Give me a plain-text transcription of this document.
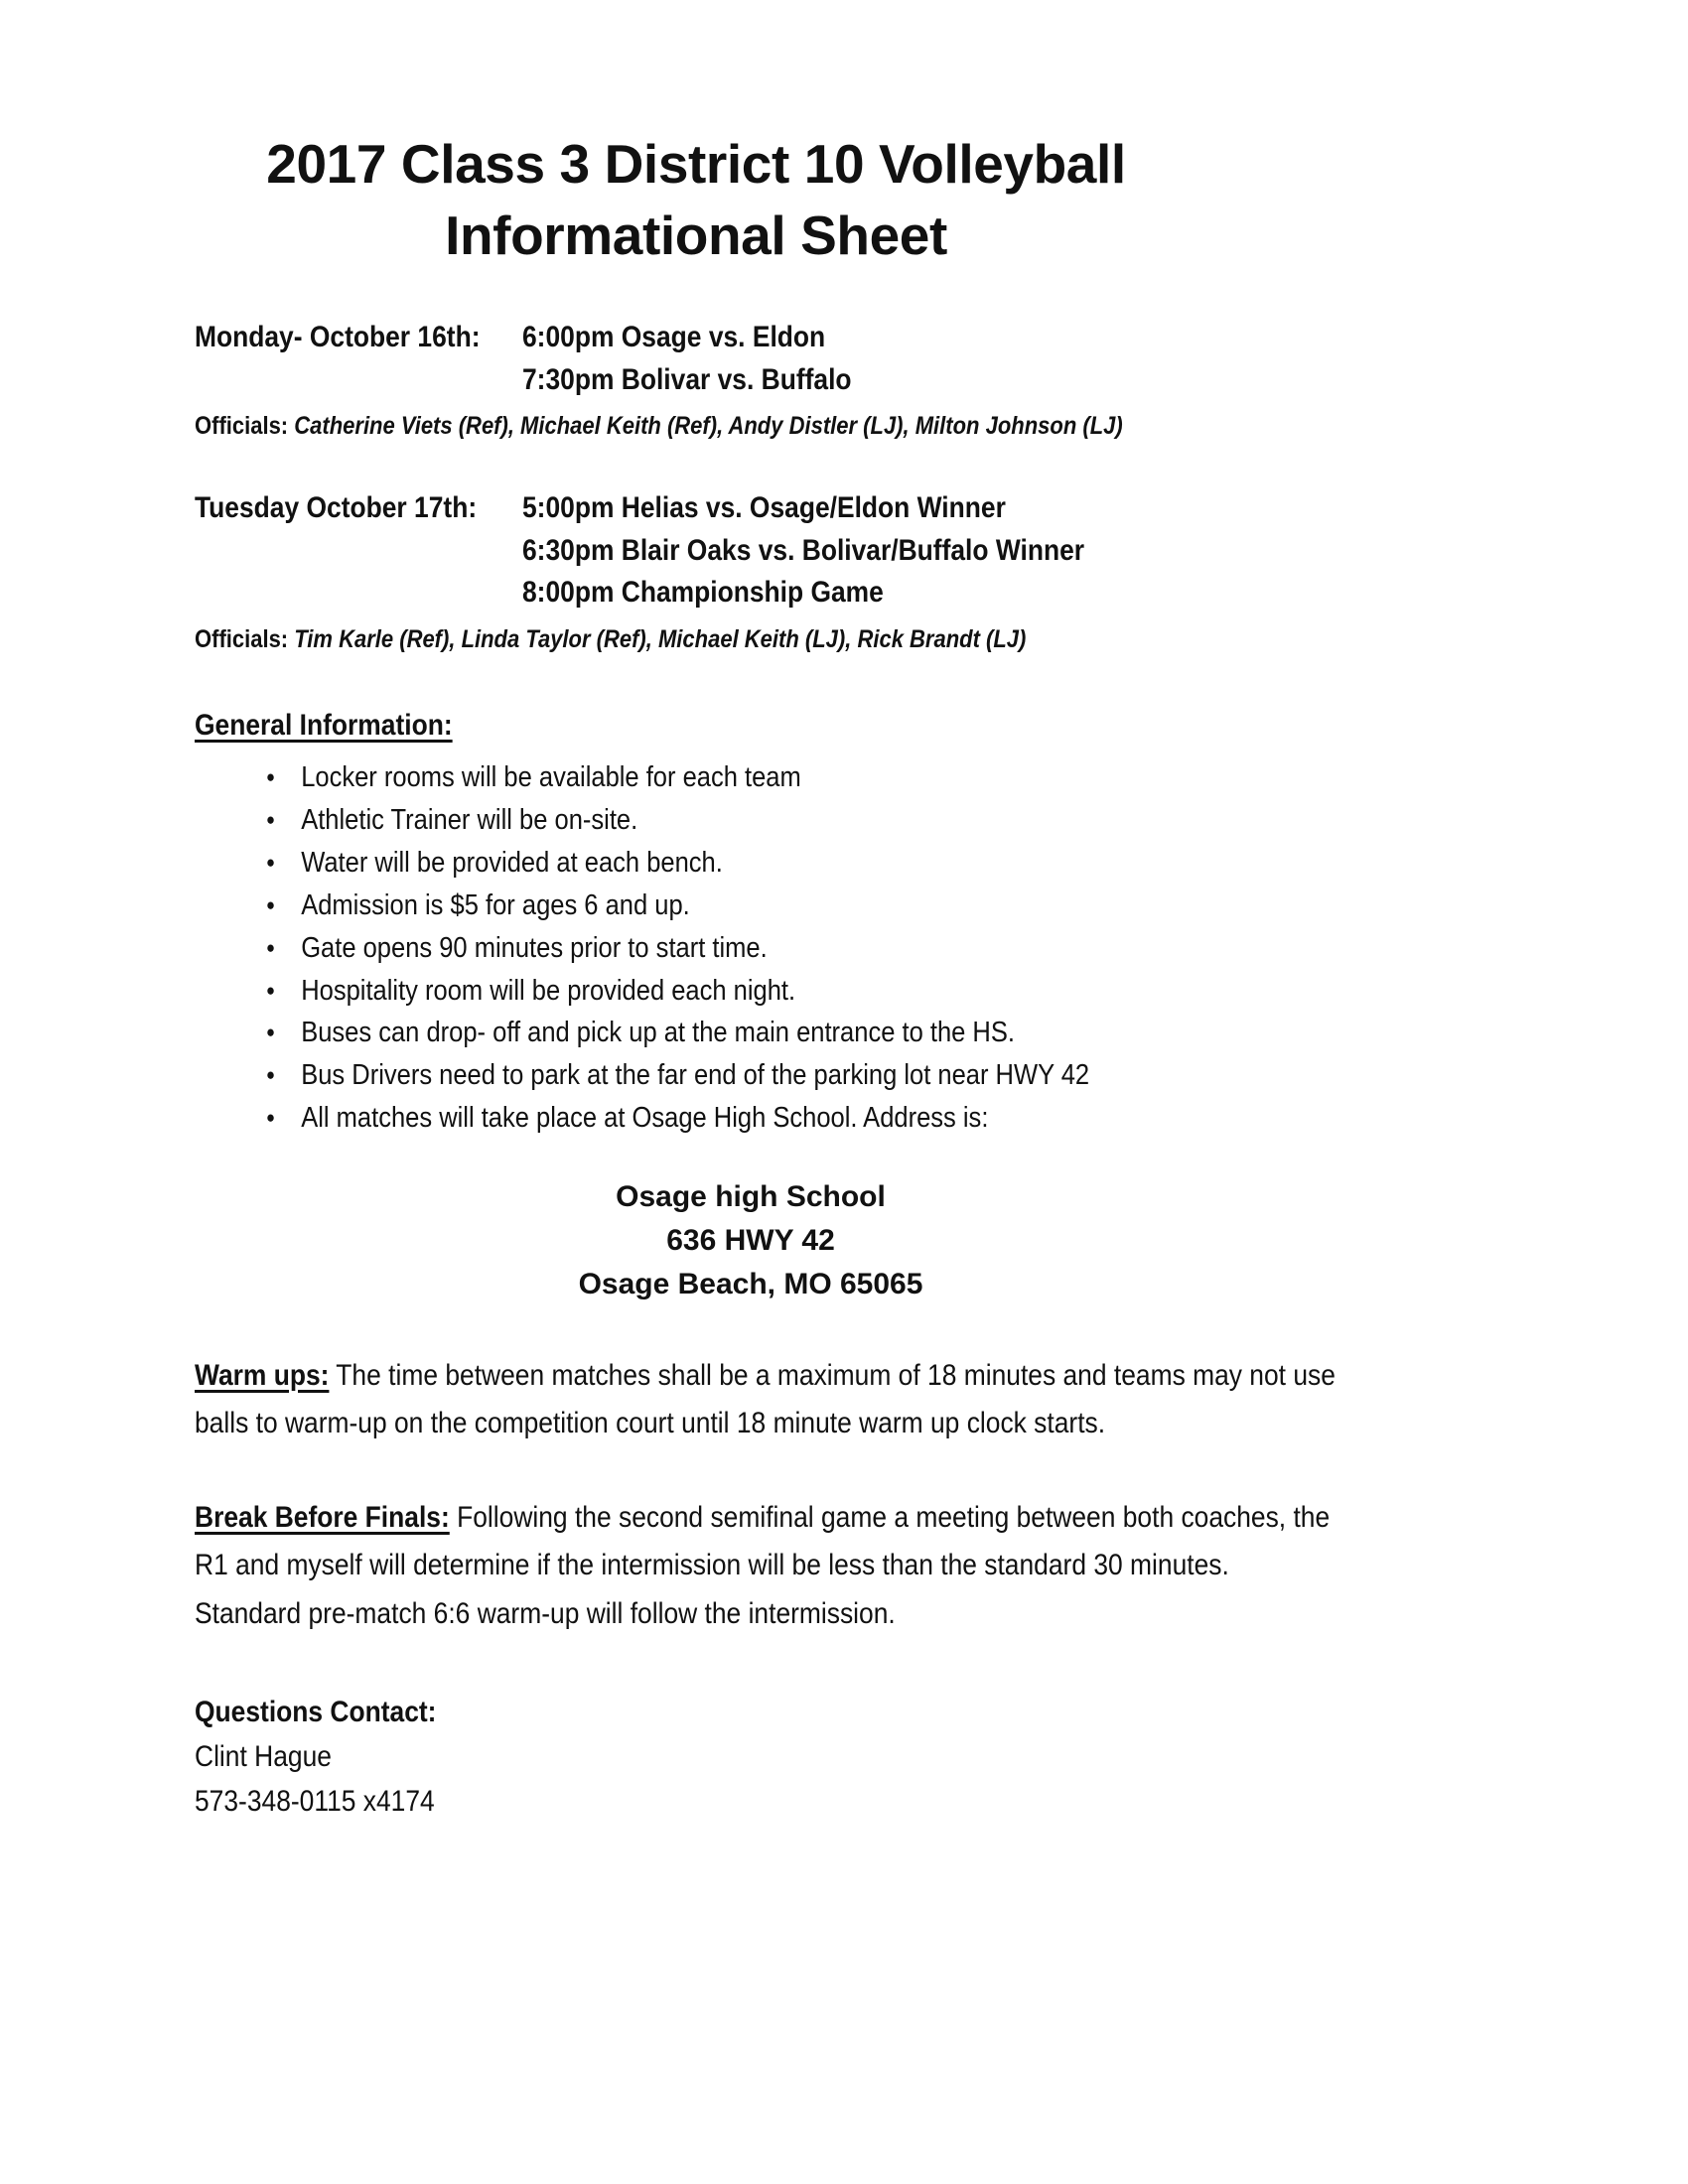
2017 Class 3 District 10 Volleyball
Informational Sheet
Monday- October 16th: 6:00pm Osage vs. Eldon
7:30pm Bolivar vs. Buffalo
Officials: Catherine Viets (Ref), Michael Keith (Ref), Andy Distler (LJ), Milton Johnson (LJ)
Tuesday October 17th: 5:00pm Helias vs. Osage/Eldon Winner
6:30pm Blair Oaks vs. Bolivar/Buffalo Winner
8:00pm Championship Game
Officials: Tim Karle (Ref), Linda Taylor (Ref), Michael Keith (LJ), Rick Brandt (LJ)
General Information:
● Locker rooms will be available for each team
● Athletic Trainer will be on-site.
● Water will be provided at each bench.
● Admission is $5 for ages 6 and up.
● Gate opens 90 minutes prior to start time.
● Hospitality room will be provided each night.
● Buses can drop- off and pick up at the main entrance to the HS.
● Bus Drivers need to park at the far end of the parking lot near HWY 42
● All matches will take place at Osage High School. Address is:
Osage high School
636 HWY 42
Osage Beach, MO 65065
Warm ups: The time between matches shall be a maximum of 18 minutes and teams may not use balls to warm-up on the competition court until 18 minute warm up clock starts.
Break Before Finals: Following the second semifinal game a meeting between both coaches, the R1 and myself will determine if the intermission will be less than the standard 30 minutes. Standard pre-match 6:6 warm-up will follow the intermission.
Questions Contact:
Clint Hague
573-348-0115 x4174
